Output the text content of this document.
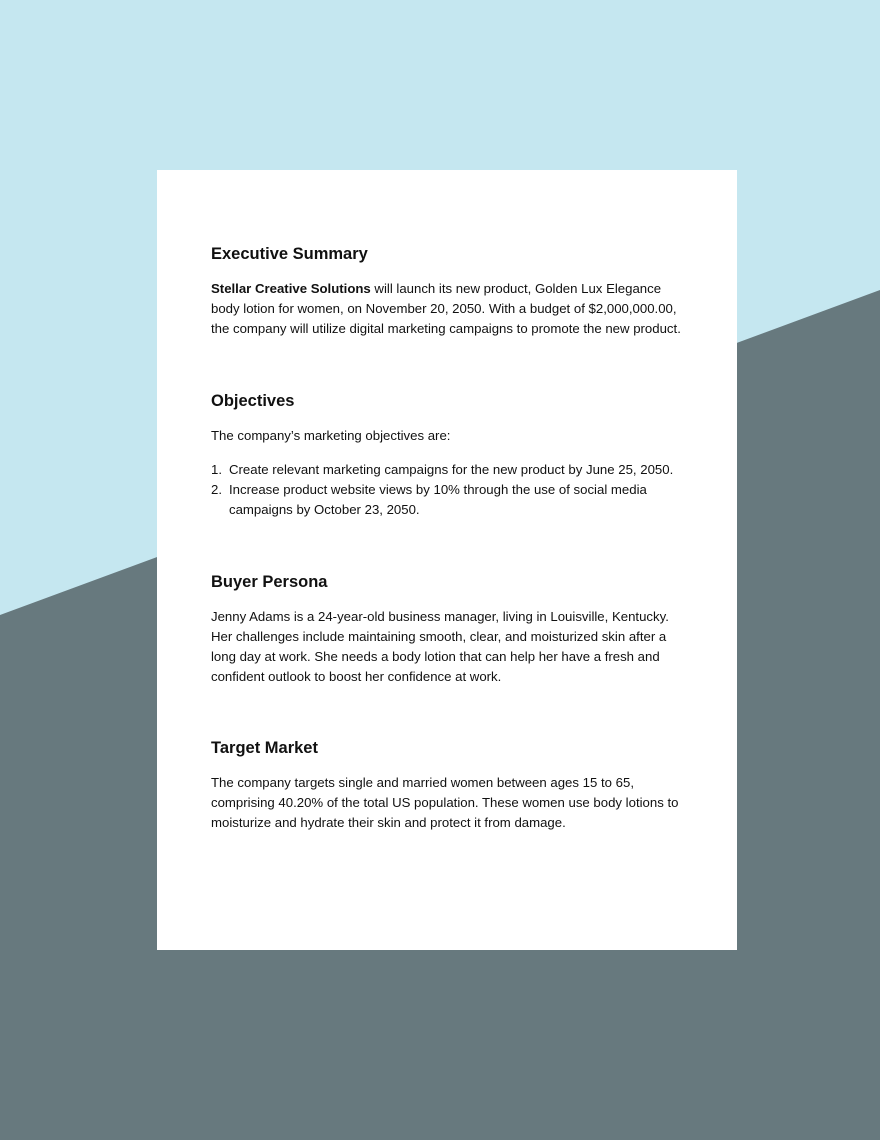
Executive Summary

Stellar Creative Solutions will launch its new product, Golden Lux Elegance body lotion for women, on November 20, 2050. With a budget of $2,000,000.00, the company will utilize digital marketing campaigns to promote the new product.

Objectives

The company’s marketing objectives are:

1. Create relevant marketing campaigns for the new product by June 25, 2050.
2. Increase product website views by 10% through the use of social media campaigns by October 23, 2050.
Buyer Persona

Jenny Adams is a 24-year-old business manager, living in Louisville, Kentucky. Her challenges include maintaining smooth, clear, and moisturized skin after a long day at work. She needs a body lotion that can help her have a fresh and confident outlook to boost her confidence at work.

Target Market

The company targets single and married women between ages 15 to 65, comprising 40.20% of the total US population. These women use body lotions to moisturize and hydrate their skin and protect it from damage.
